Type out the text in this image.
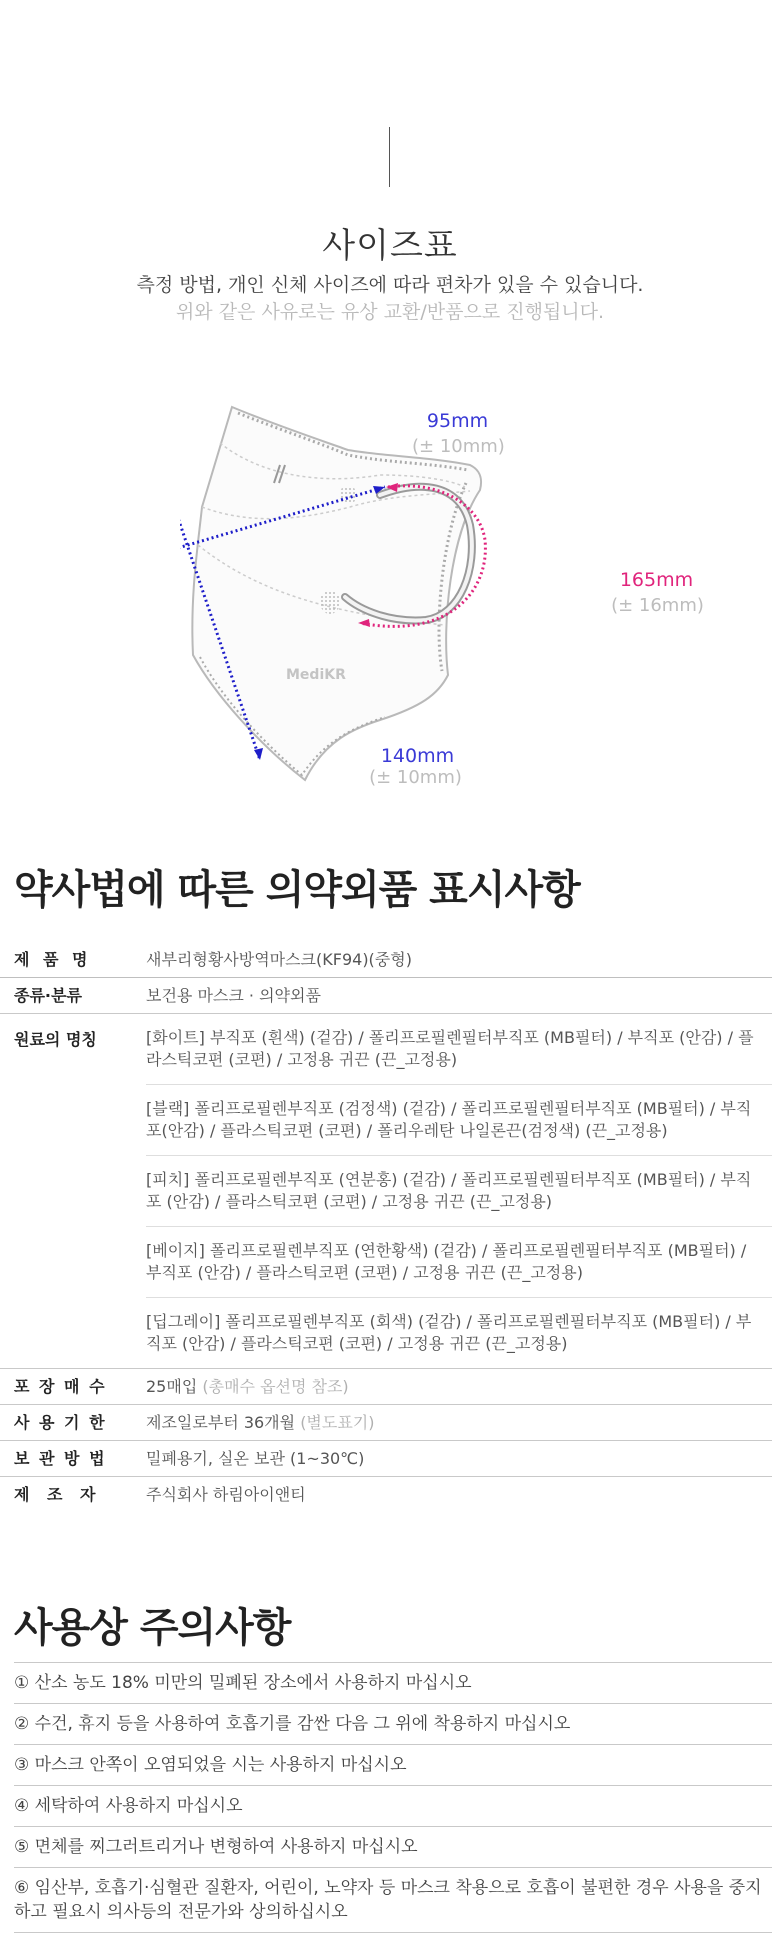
사이즈표
측정 방법, 개인 신체 사이즈에 따라 편차가 있을 수 있습니다.
위와 같은 사유로는 유상 교환/반품으로 진행됩니다.
MediKR
95mm
(± 10mm)
165mm
(± 16mm)
140mm
(± 10mm)
약사법에 따른 의약외품 표시사항
제 품 명	새부리형황사방역마스크(KF94)(중형)
종류·분류	보건용 마스크 · 의약외품
원료의 명칭	[화이트] 부직포 (흰색) (겉감) / 폴리프로필렌필터부직포 (MB필터) / 부직포 (안감) / 플라스틱코편 (코편) / 고정용 귀끈 (끈_고정용)
[블랙] 폴리프로필렌부직포 (검정색) (겉감) / 폴리프로필렌필터부직포 (MB필터) / 부직포(안감) / 플라스틱코편 (코편) / 폴리우레탄 나일론끈(검정색) (끈_고정용)
[피치] 폴리프로필렌부직포 (연분홍) (겉감) / 폴리프로필렌필터부직포 (MB필터) / 부직포 (안감) / 플라스틱코편 (코편) / 고정용 귀끈 (끈_고정용)
[베이지] 폴리프로필렌부직포 (연한황색) (겉감) / 폴리프로필렌필터부직포 (MB필터) / 부직포 (안감) / 플라스틱코편 (코편) / 고정용 귀끈 (끈_고정용)
[딥그레이] 폴리프로필렌부직포 (회색) (겉감) / 폴리프로필렌필터부직포 (MB필터) / 부직포 (안감) / 플라스틱코편 (코편) / 고정용 귀끈 (끈_고정용)
포 장 매 수	25매입 (총매수 옵션명 참조)
사 용 기 한	제조일로부터 36개월 (별도표기)
보 관 방 법	밀폐용기, 실온 보관 (1~30℃)
제 조 자	주식회사 하림아이앤티
사용상 주의사항
① 산소 농도 18% 미만의 밀폐된 장소에서 사용하지 마십시오
② 수건, 휴지 등을 사용하여 호흡기를 감싼 다음 그 위에 착용하지 마십시오
③ 마스크 안쪽이 오염되었을 시는 사용하지 마십시오
④ 세탁하여 사용하지 마십시오
⑤ 면체를 찌그러트리거나 변형하여 사용하지 마십시오
⑥ 임산부, 호흡기·심혈관 질환자, 어린이, 노약자 등 마스크 착용으로 호흡이 불편한 경우 사용을 중지하고 필요시 의사등의 전문가와 상의하십시오
